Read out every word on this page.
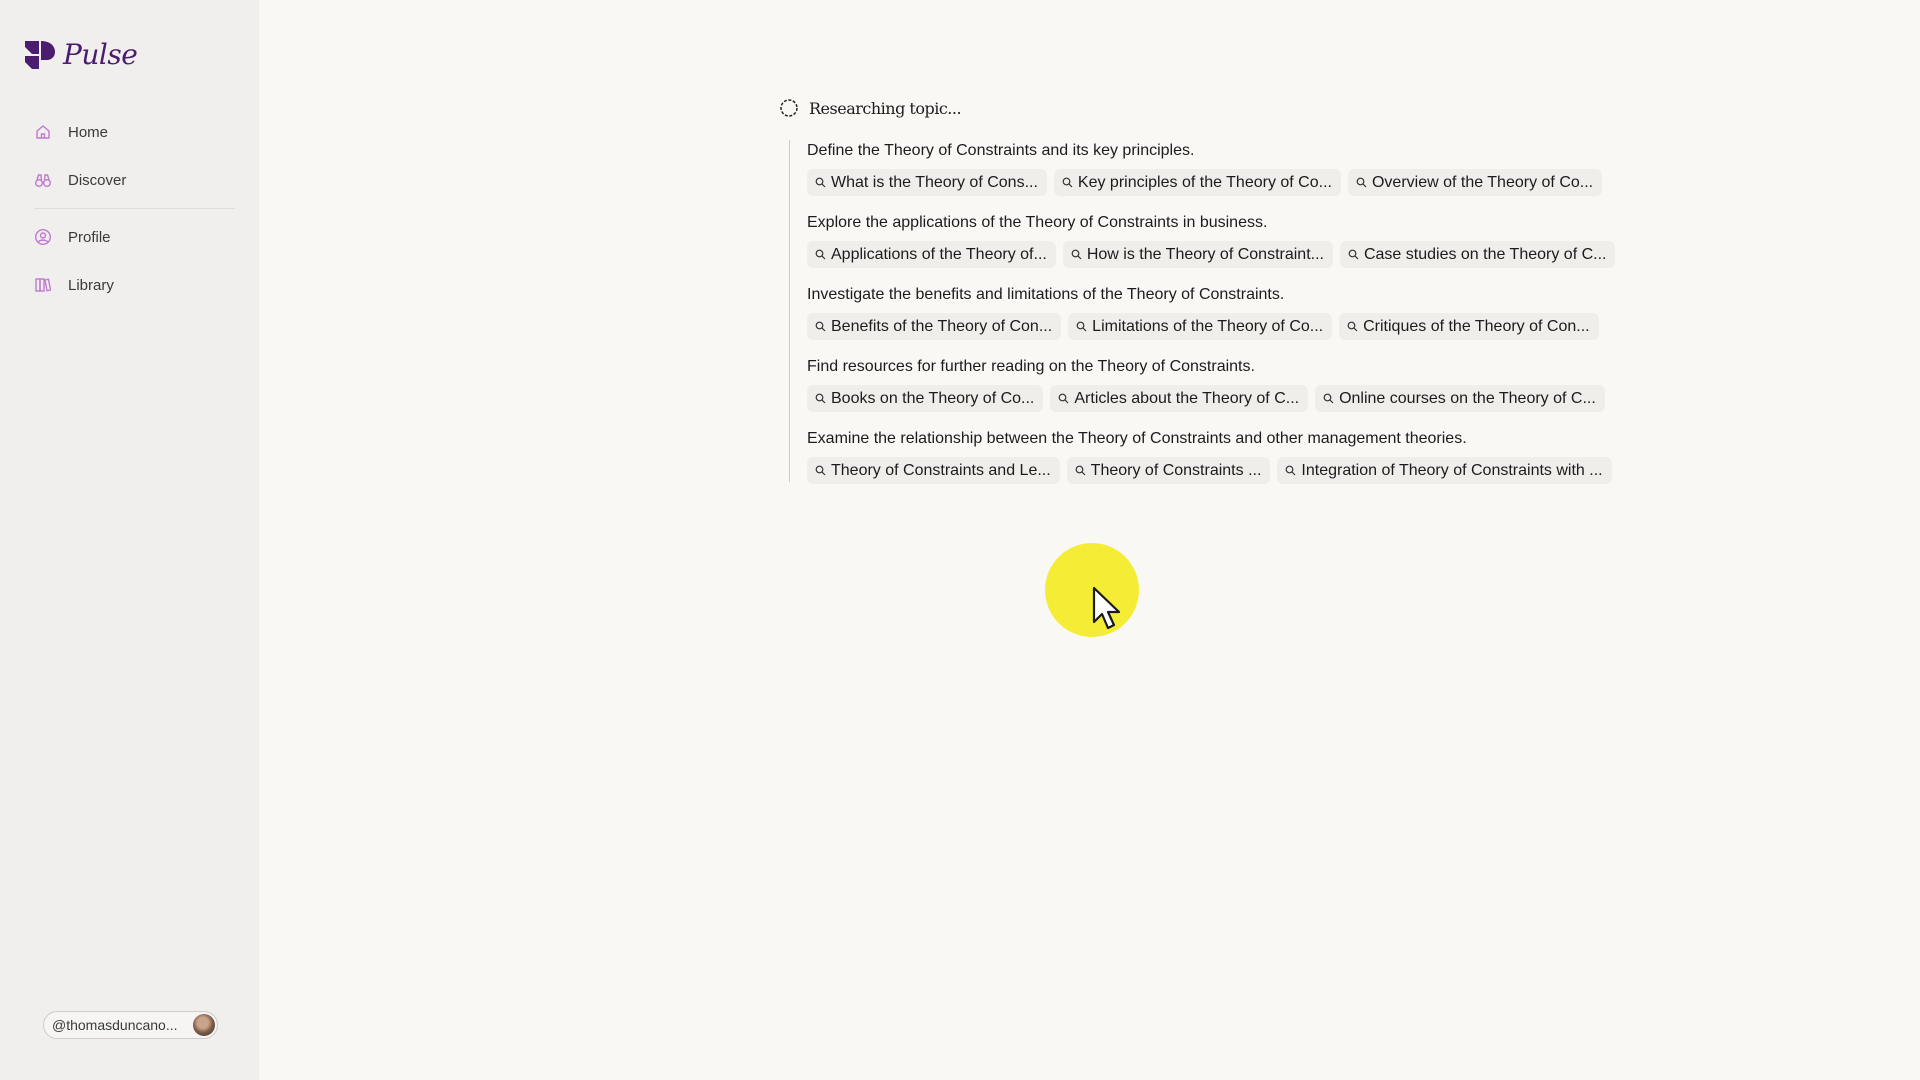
Pulse
Home
Discover
Profile
Library
@thomasduncano...
Researching topic...
Define the Theory of Constraints and its key principles.
What is the Theory of Cons...	Key principles of the Theory of Co...	Overview of the Theory of Co...
Explore the applications of the Theory of Constraints in business.
Applications of the Theory of...	How is the Theory of Constraint...	Case studies on the Theory of C...
Investigate the benefits and limitations of the Theory of Constraints.
Benefits of the Theory of Con...	Limitations of the Theory of Co...	Critiques of the Theory of Con...
Find resources for further reading on the Theory of Constraints.
Books on the Theory of Co...	Articles about the Theory of C...	Online courses on the Theory of C...
Examine the relationship between the Theory of Constraints and other management theories.
Theory of Constraints and Le...	Theory of Constraints ...	Integration of Theory of Constraints with ...
